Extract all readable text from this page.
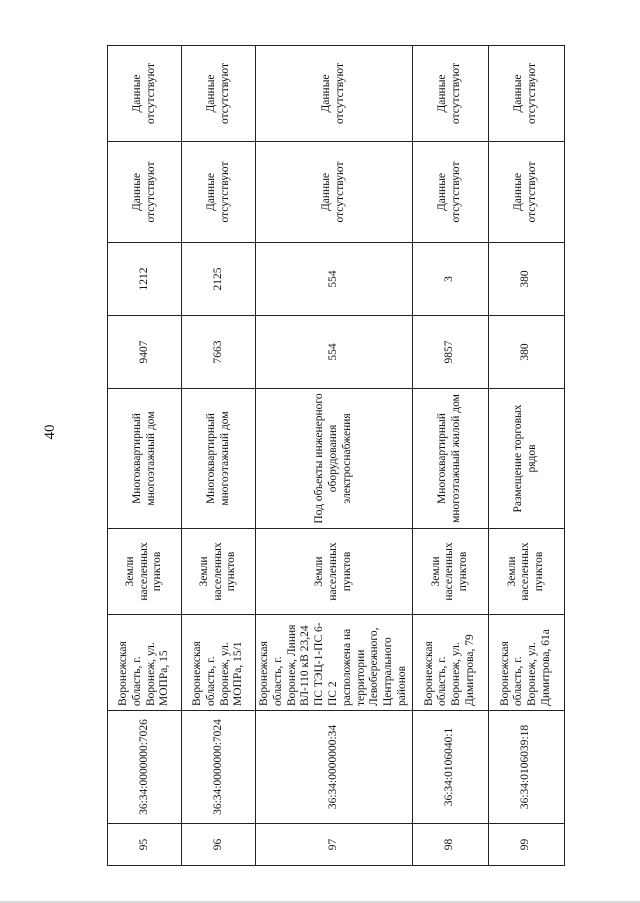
40
95	36:34:0000000:7026	Воронежская область, г. Воронеж, ул. МОПРа, 15	Земли населенных пунктов	Многоквартирный многоэтажный дом	9407	1212	Данные отсутствуют	Данные отсутствуют
96	36:34:0000000:7024	Воронежская область, г. Воронеж, ул. МОПРа, 15/1	Земли населенных пунктов	Многоквартирный многоэтажный дом	7663	2125	Данные отсутствуют	Данные отсутствуют
97	36:34:0000000:34	Воронежская область, г. Воронеж, Линия ВЛ-110 кВ 23,24 ПС ТЭЦ-1-ПС 6-ПС 2 расположена на территории Левобережного, Центрального районов	Земли населенных пунктов	Под объекты инженерного оборудования электроснабжения	554	554	Данные отсутствуют	Данные отсутствуют
98	36:34:0106040:1	Воронежская область, г. Воронеж, ул. Димитрова, 79	Земли населенных пунктов	Многоквартирный многоэтажный жилой дом	9857	3	Данные отсутствуют	Данные отсутствуют
99	36:34:0106039:18	Воронежская область, г. Воронеж, ул. Димитрова, 61а	Земли населенных пунктов	Размещение торговых рядов	380	380	Данные отсутствуют	Данные отсутствуют
